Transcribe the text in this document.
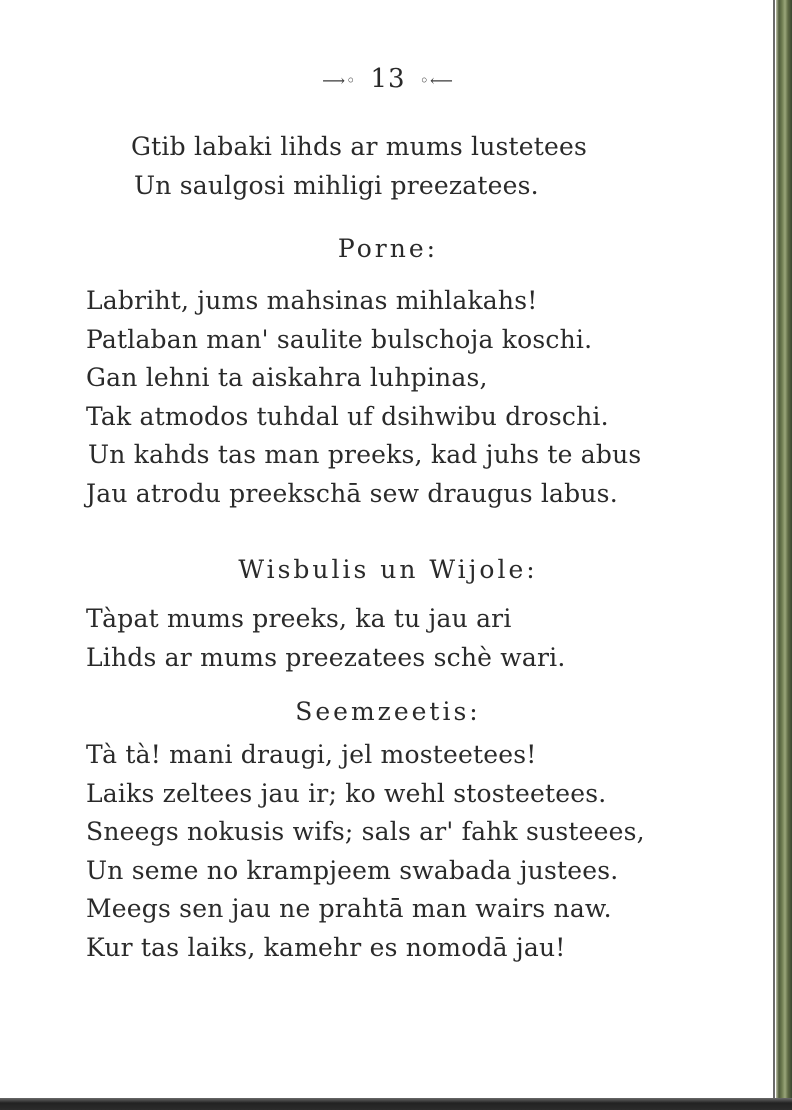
⟶◦ 13 ◦⟵
Gtib labaki lihds ar mums lustetees
Un saulgosi mihligi preezatees.
Porne:
Labriht, jums mahsinas mihlakahs!
Patlaban man' saulite bulschoja koschi.
Gan lehni ta aiskahra luhpinas,
Tak atmodos tuhdal uf dsihwibu droschi.
Un kahds tas man preeks, kad juhs te abus
Jau atrodu preekschā sew draugus labus.
Wisbulis un Wijole:
Tàpat mums preeks, ka tu jau ari
Lihds ar mums preezatees schè wari.
Seemzeetis:
Tà tà! mani draugi, jel mosteetees!
Laiks zeltees jau ir; ko wehl stosteetees.
Sneegs nokusis wifs; sals ar' fahk susteees,
Un seme no krampjeem swabada justees.
Meegs sen jau ne prahtā man wairs naw.
Kur tas laiks, kamehr es nomodā jau!
